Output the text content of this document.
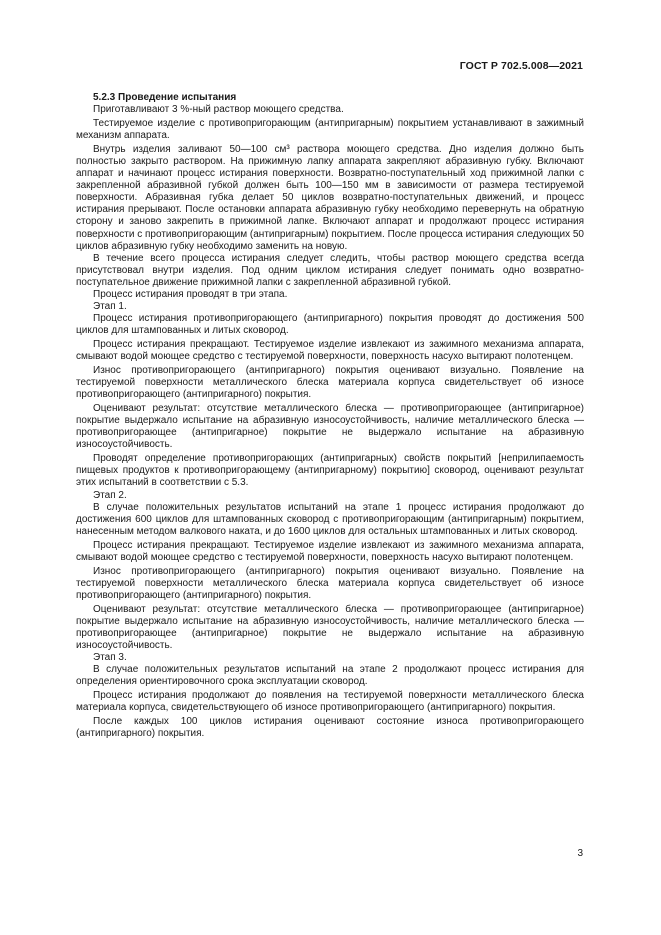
ГОСТ Р 702.5.008—2021

5.2.3 Проведение испытания

Приготавливают 3 %-ный раствор моющего средства.

Тестируемое изделие с противопригорающим (антипригарным) покрытием устанавливают в зажимный механизм аппарата.

Внутрь изделия заливают 50—100 см³ раствора моющего средства. Дно изделия должно быть полностью закрыто раствором. На прижимную лапку аппарата закрепляют абразивную губку. Включают аппарат и начинают процесс истирания поверхности. Возвратно-поступательный ход прижимной лапки с закрепленной абразивной губкой должен быть 100—150 мм в зависимости от размера тестируемой поверхности. Абразивная губка делает 50 циклов возвратно-поступательных движений, и процесс истирания прерывают. После остановки аппарата абразивную губку необходимо перевернуть на обратную сторону и заново закрепить в прижимной лапке. Включают аппарат и продолжают процесс истирания поверхности с противопригорающим (антипригарным) покрытием. После процесса истирания следующих 50 циклов абразивную губку необходимо заменить на новую.

В течение всего процесса истирания следует следить, чтобы раствор моющего средства всегда присутствовал внутри изделия. Под одним циклом истирания следует понимать одно возвратно-поступательное движение прижимной лапки с закрепленной абразивной губкой.

Процесс истирания проводят в три этапа.

Этап 1.

Процесс истирания противопригорающего (антипригарного) покрытия проводят до достижения 500 циклов для штампованных и литых сковород.

Процесс истирания прекращают. Тестируемое изделие извлекают из зажимного механизма аппарата, смывают водой моющее средство с тестируемой поверхности, поверхность насухо вытирают полотенцем.

Износ противопригорающего (антипригарного) покрытия оценивают визуально. Появление на тестируемой поверхности металлического блеска материала корпуса свидетельствует об износе противопригорающего (антипригарного) покрытия.

Оценивают результат: отсутствие металлического блеска — противопригорающее (антипригарное) покрытие выдержало испытание на абразивную износоустойчивость, наличие металлического блеска — противопригорающее (антипригарное) покрытие не выдержало испытание на абразивную износоустойчивость.

Проводят определение противопригорающих (антипригарных) свойств покрытий [неприлипаемость пищевых продуктов к противопригорающему (антипригарному) покрытию] сковород, оценивают результат этих испытаний в соответствии с 5.3.

Этап 2.

В случае положительных результатов испытаний на этапе 1 процесс истирания продолжают до достижения 600 циклов для штампованных сковород с противопригорающим (антипригарным) покрытием, нанесенным методом валкового наката, и до 1600 циклов для остальных штампованных и литых сковород.

Процесс истирания прекращают. Тестируемое изделие извлекают из зажимного механизма аппарата, смывают водой моющее средство с тестируемой поверхности, поверхность насухо вытирают полотенцем.

Износ противопригорающего (антипригарного) покрытия оценивают визуально. Появление на тестируемой поверхности металлического блеска материала корпуса свидетельствует об износе противопригорающего (антипригарного) покрытия.

Оценивают результат: отсутствие металлического блеска — противопригорающее (антипригарное) покрытие выдержало испытание на абразивную износоустойчивость, наличие металлического блеска — противопригорающее (антипригарное) покрытие не выдержало испытание на абразивную износоустойчивость.

Этап 3.

В случае положительных результатов испытаний на этапе 2 продолжают процесс истирания для определения ориентировочного срока эксплуатации сковород.

Процесс истирания продолжают до появления на тестируемой поверхности металлического блеска материала корпуса, свидетельствующего об износе противопригорающего (антипригарного) покрытия.

После каждых 100 циклов истирания оценивают состояние износа противопригорающего (антипригарного) покрытия.

3
